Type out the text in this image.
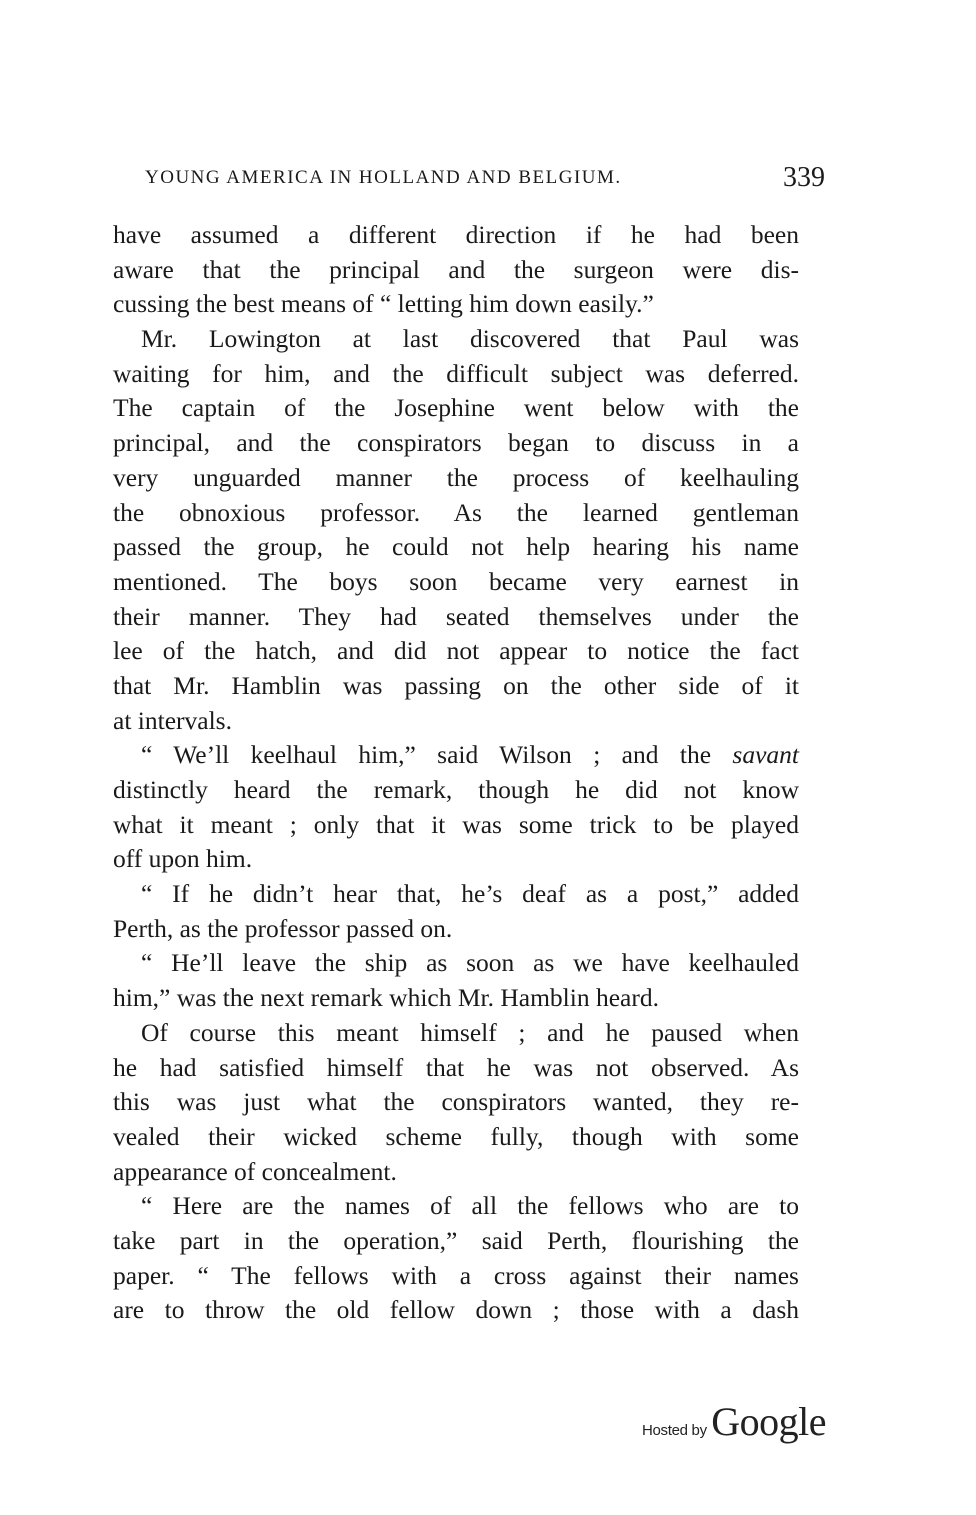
YOUNG AMERICA IN HOLLAND AND BELGIUM.	339
have assumed a different direction if he had been
aware that the principal and the surgeon were dis-
cussing the best means of “ letting him down easily.”
Mr. Lowington at last discovered that Paul was
waiting for him, and the difficult subject was deferred.
The captain of the Josephine went below with the
principal, and the conspirators began to discuss in a
very unguarded manner the process of keelhauling
the obnoxious professor. As the learned gentleman
passed the group, he could not help hearing his name
mentioned. The boys soon became very earnest in
their manner. They had seated themselves under the
lee of the hatch, and did not appear to notice the fact
that Mr. Hamblin was passing on the other side of it
at intervals.
“ We’ll keelhaul him,” said Wilson ; and the savant
distinctly heard the remark, though he did not know
what it meant ; only that it was some trick to be played
off upon him.
“ If he didn’t hear that, he’s deaf as a post,” added
Perth, as the professor passed on.
“ He’ll leave the ship as soon as we have keelhauled
him,” was the next remark which Mr. Hamblin heard.
Of course this meant himself ; and he paused when
he had satisfied himself that he was not observed. As
this was just what the conspirators wanted, they re-
vealed their wicked scheme fully, though with some
appearance of concealment.
“ Here are the names of all the fellows who are to
take part in the operation,” said Perth, flourishing the
paper. “ The fellows with a cross against their names
are to throw the old fellow down ; those with a dash
Hosted by Google
